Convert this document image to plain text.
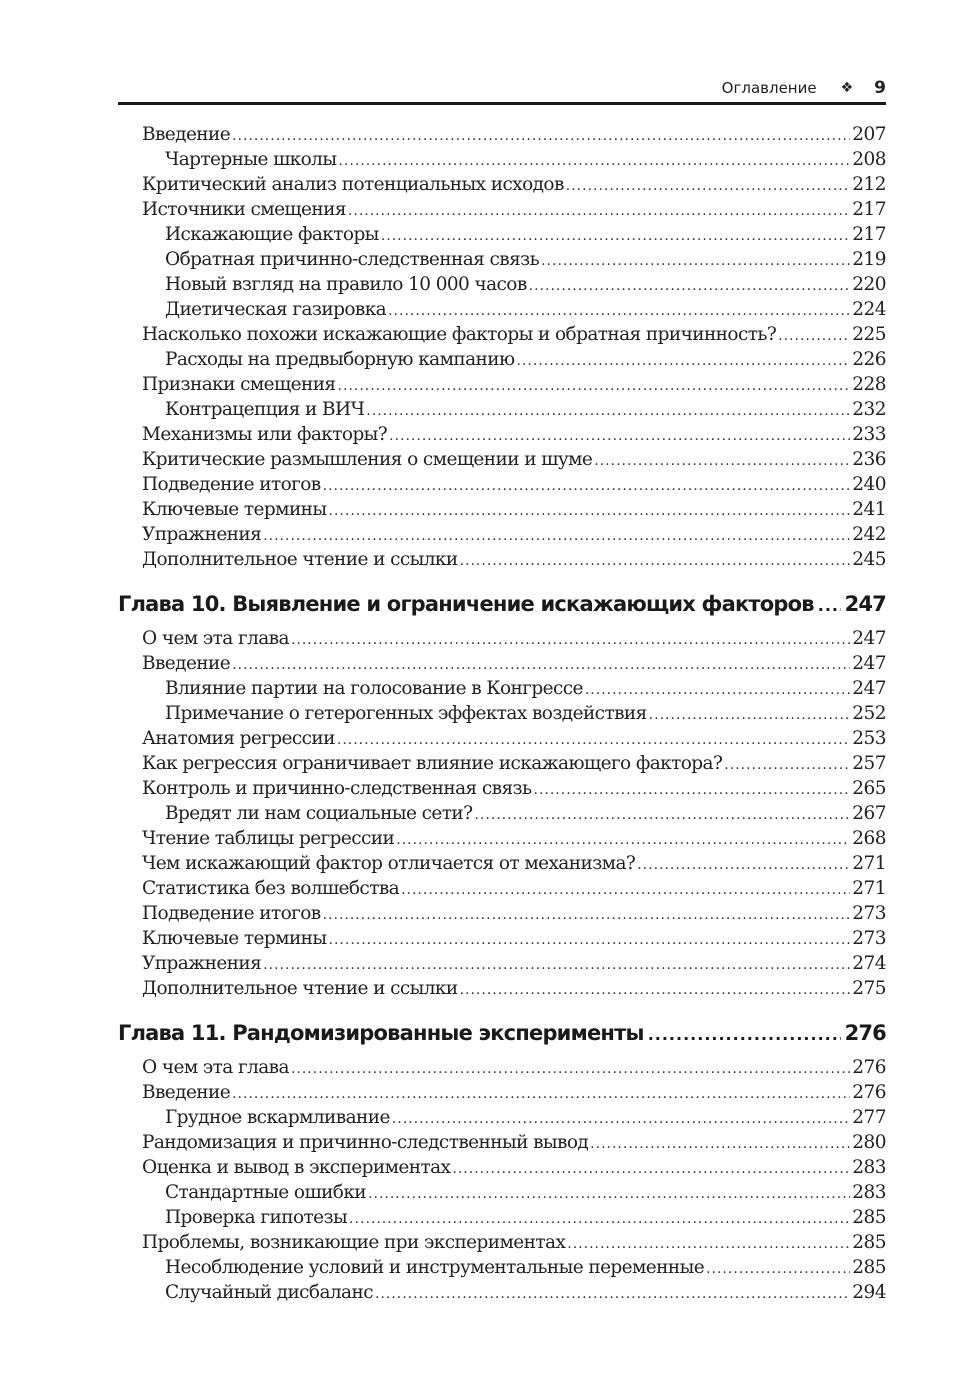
Оглавление ❖ 9
Введение .....	207
Чартерные школы .....	208
Критический анализ потенциальных исходов .....	212
Источники смещения .....	217
Искажающие факторы .....	217
Обратная причинно-следственная связь .....	219
Новый взгляд на правило 10 000 часов .....	220
Диетическая газировка .....	224
Насколько похожи искажающие факторы и обратная причинность? .....	225
Расходы на предвыборную кампанию .....	226
Признаки смещения .....	228
Контрацепция и ВИЧ .....	232
Механизмы или факторы? .....	233
Критические размышления о смещении и шуме .....	236
Подведение итогов .....	240
Ключевые термины .....	241
Упражнения .....	242
Дополнительное чтение и ссылки .....	245
Глава 10. Выявление и ограничение искажающих факторов ..... 247
О чем эта глава .....	247
Введение .....	247
Влияние партии на голосование в Конгрессе .....	247
Примечание о гетерогенных эффектах воздействия .....	252
Анатомия регрессии .....	253
Как регрессия ограничивает влияние искажающего фактора? .....	257
Контроль и причинно-следственная связь .....	265
Вредят ли нам социальные сети? .....	267
Чтение таблицы регрессии .....	268
Чем искажающий фактор отличается от механизма? .....	271
Статистика без волшебства .....	271
Подведение итогов .....	273
Ключевые термины .....	273
Упражнения .....	274
Дополнительное чтение и ссылки .....	275
Глава 11. Рандомизированные эксперименты .....	276
О чем эта глава .....	276
Введение .....	276
Грудное вскармливание .....	277
Рандомизация и причинно-следственный вывод .....	280
Оценка и вывод в экспериментах .....	283
Стандартные ошибки .....	283
Проверка гипотезы .....	285
Проблемы, возникающие при экспериментах .....	285
Несоблюдение условий и инструментальные переменные .....	285
Случайный дисбаланс .....	294
